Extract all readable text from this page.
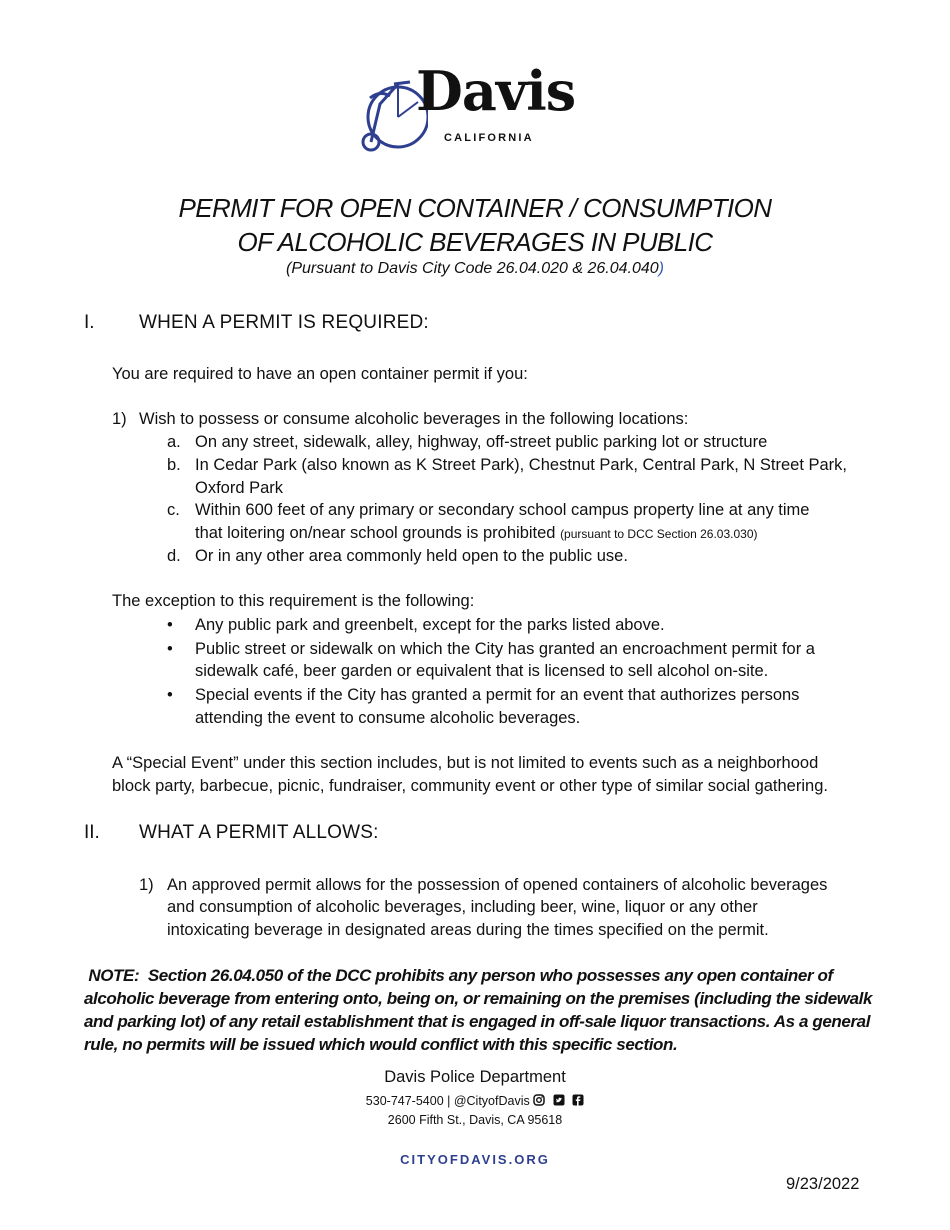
Davis
CALIFORNIA
PERMIT FOR OPEN CONTAINER / CONSUMPTION
OF ALCOHOLIC BEVERAGES IN PUBLIC
(Pursuant to Davis City Code 26.04.020 & 26.04.040)
I. WHEN A PERMIT IS REQUIRED:
You are required to have an open container permit if you:
1) Wish to possess or consume alcoholic beverages in the following locations:
a. On any street, sidewalk, alley, highway, off-street public parking lot or structure
b. In Cedar Park (also known as K Street Park), Chestnut Park, Central Park, N Street Park,
Oxford Park
c. Within 600 feet of any primary or secondary school campus property line at any time
that loitering on/near school grounds is prohibited (pursuant to DCC Section 26.03.030)
d. Or in any other area commonly held open to the public use.
The exception to this requirement is the following:
• Any public park and greenbelt, except for the parks listed above.
• Public street or sidewalk on which the City has granted an encroachment permit for a
sidewalk café, beer garden or equivalent that is licensed to sell alcohol on-site.
• Special events if the City has granted a permit for an event that authorizes persons
attending the event to consume alcoholic beverages.
A “Special Event” under this section includes, but is not limited to events such as a neighborhood
block party, barbecue, picnic, fundraiser, community event or other type of similar social gathering.
II. WHAT A PERMIT ALLOWS:
1) An approved permit allows for the possession of opened containers of alcoholic beverages
and consumption of alcoholic beverages, including beer, wine, liquor or any other
intoxicating beverage in designated areas during the times specified on the permit.
NOTE:  Section 26.04.050 of the DCC prohibits any person who possesses any open container of
alcoholic beverage from entering onto, being on, or remaining on the premises (including the sidewalk
and parking lot) of any retail establishment that is engaged in off-sale liquor transactions. As a general
rule, no permits will be issued which would conflict with this specific section.
Davis Police Department
530-747-5400 | @CityofDavis
2600 Fifth St., Davis, CA 95618
CITYOFDAVIS.ORG
9/23/2022
